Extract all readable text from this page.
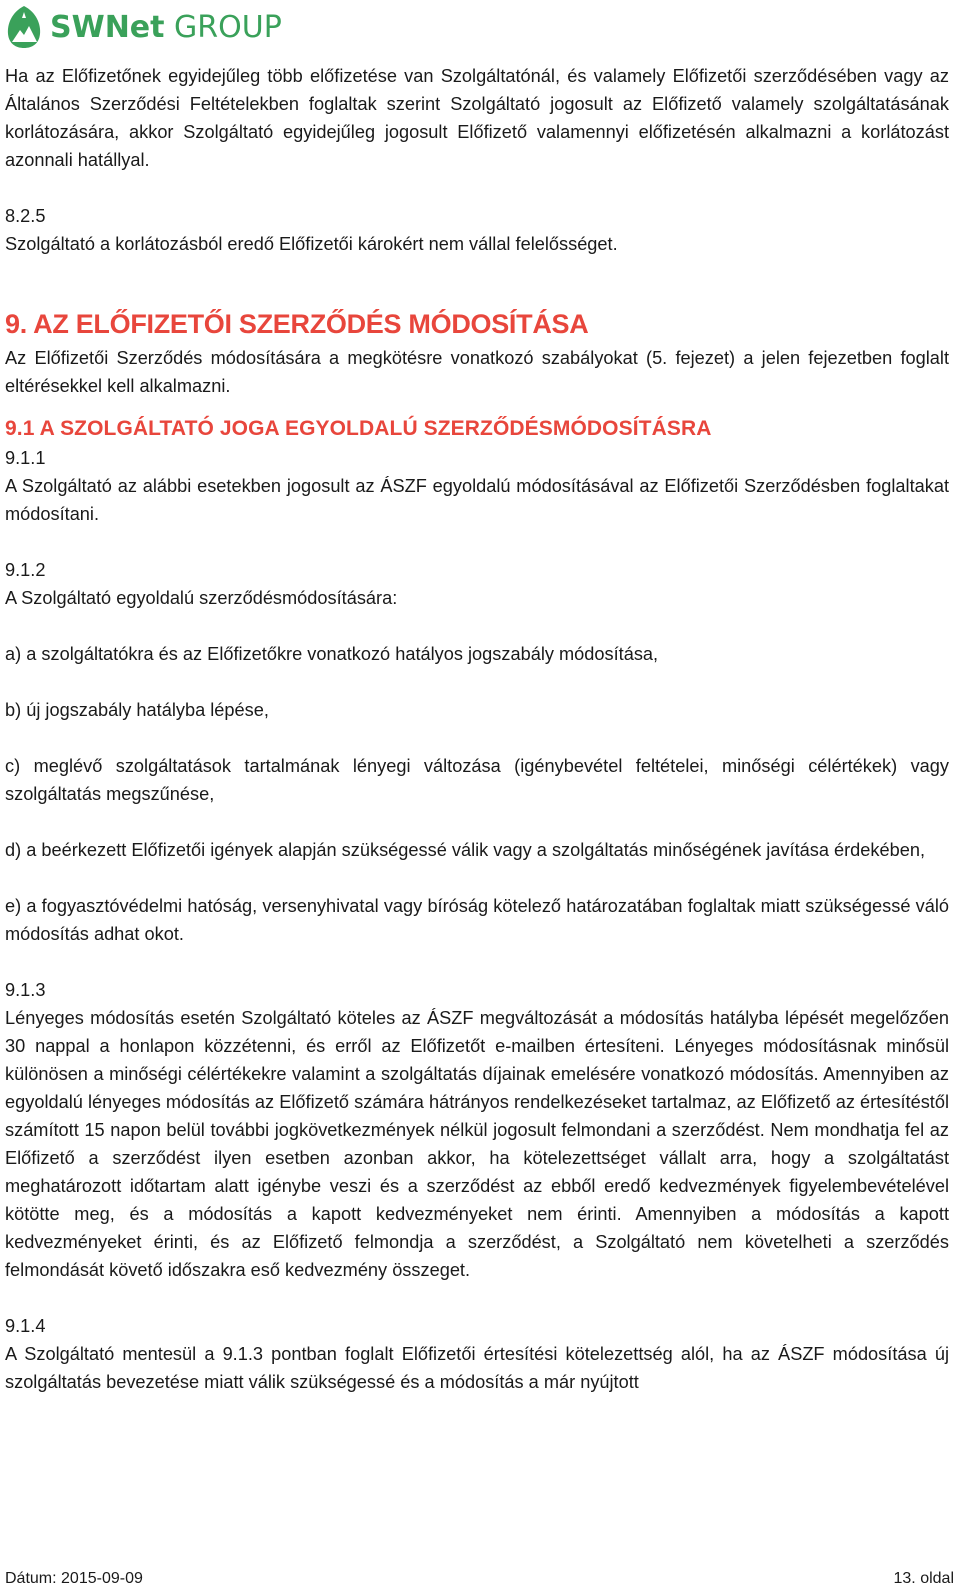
SWNet GROUP

Ha az Előfizetőnek egyidejűleg több előfizetése van Szolgáltatónál, és valamely Előfizetői szerződésében vagy az Általános Szerződési Feltételekben foglaltak szerint Szolgáltató jogosult az Előfizető valamely szolgáltatásának korlátozására, akkor Szolgáltató egyidejűleg jogosult Előfizető valamennyi előfizetésén alkalmazni a korlátozást azonnali hatállyal.

8.2.5

Szolgáltató a korlátozásból eredő Előfizetői károkért nem vállal felelősséget.

9. AZ ELŐFIZETŐI SZERZŐDÉS MÓDOSÍTÁSA

Az Előfizetői Szerződés módosítására a megkötésre vonatkozó szabályokat (5. fejezet) a jelen fejezetben foglalt eltérésekkel kell alkalmazni.

9.1 A SZOLGÁLTATÓ JOGA EGYOLDALÚ SZERZŐDÉSMÓDOSÍTÁSRA

9.1.1

A Szolgáltató az alábbi esetekben jogosult az ÁSZF egyoldalú módosításával az Előfizetői Szerződésben foglaltakat módosítani.

9.1.2

A Szolgáltató egyoldalú szerződésmódosítására:

a) a szolgáltatókra és az Előfizetőkre vonatkozó hatályos jogszabály módosítása,

b) új jogszabály hatályba lépése,

c) meglévő szolgáltatások tartalmának lényegi változása (igénybevétel feltételei, minőségi célértékek) vagy szolgáltatás megszűnése,

d) a beérkezett Előfizetői igények alapján szükségessé válik vagy a szolgáltatás minőségének javítása érdekében,

e) a fogyasztóvédelmi hatóság, versenyhivatal vagy bíróság kötelező határozatában foglaltak miatt szükségessé váló módosítás adhat okot.

9.1.3

Lényeges módosítás esetén Szolgáltató köteles az ÁSZF megváltozását a módosítás hatályba lépését megelőzően 30 nappal a honlapon közzétenni, és erről az Előfizetőt e-mailben értesíteni. Lényeges módosításnak minősül különösen a minőségi célértékekre valamint a szolgáltatás díjainak emelésére vonatkozó módosítás. Amennyiben az egyoldalú lényeges módosítás az Előfizető számára hátrányos rendelkezéseket tartalmaz, az Előfizető az értesítéstől számított 15 napon belül további jogkövetkezmények nélkül jogosult felmondani a szerződést. Nem mondhatja fel az Előfizető a szerződést ilyen esetben azonban akkor, ha kötelezettséget vállalt arra, hogy a szolgáltatást meghatározott időtartam alatt igénybe veszi és a szerződést az ebből eredő kedvezmények figyelembevételével kötötte meg, és a módosítás a kapott kedvezményeket nem érinti. Amennyiben a módosítás a kapott kedvezményeket érinti, és az Előfizető felmondja a szerződést, a Szolgáltató nem követelheti a szerződés felmondását követő időszakra eső kedvezmény összeget.

9.1.4

A Szolgáltató mentesül a 9.1.3 pontban foglalt Előfizetői értesítési kötelezettség alól, ha az ÁSZF módosítása új szolgáltatás bevezetése miatt válik szükségessé és a módosítás a már nyújtott

Dátum: 2015-09-09	13. oldal
